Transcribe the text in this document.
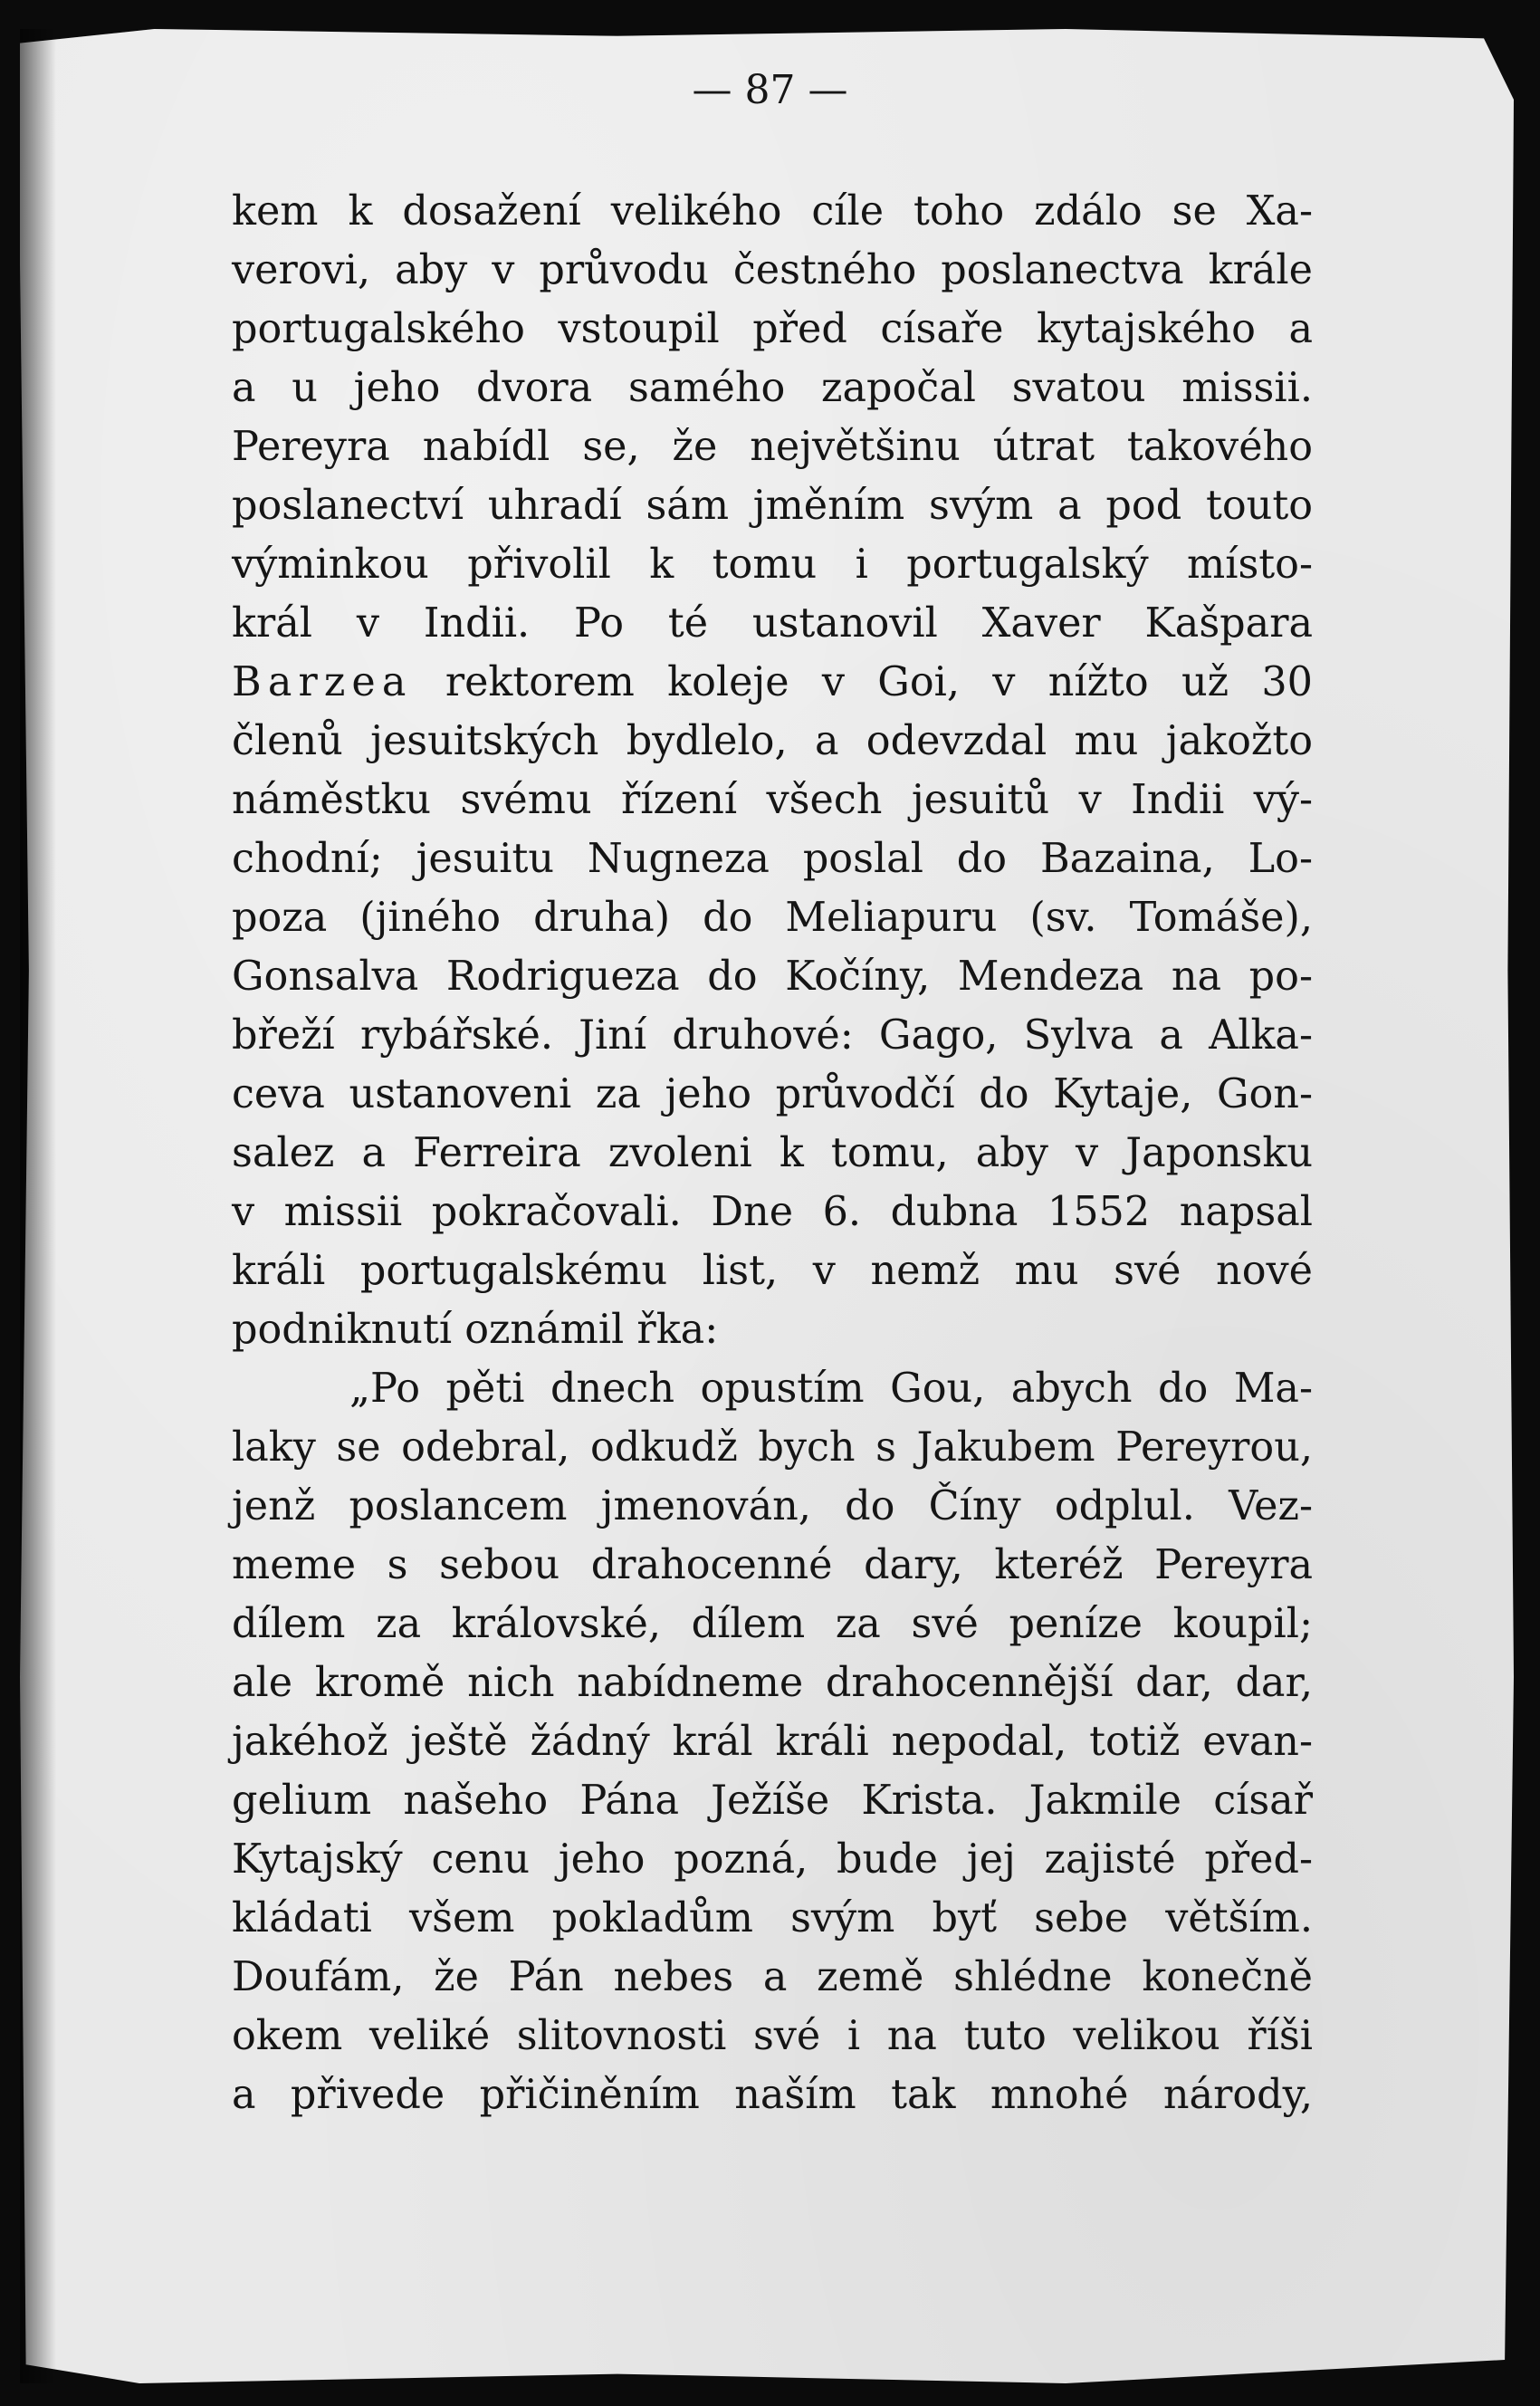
— 87 —
kem k dosažení velikého cíle toho zdálo se Xa-
verovi, aby v průvodu čestného poslanectva krále
portugalského vstoupil před císaře kytajského a
a u jeho dvora samého započal svatou missii.
Pereyra nabídl se, že největšinu útrat takového
poslanectví uhradí sám jměním svým a pod touto
výminkou přivolil k tomu i portugalský místo-
král v Indii. Po té ustanovil Xaver Kašpara
Barzea rektorem koleje v Goi, v nížto už 30
členů jesuitských bydlelo, a odevzdal mu jakožto
náměstku svému řízení všech jesuitů v Indii vý-
chodní; jesuitu Nugneza poslal do Bazaina, Lo-
poza (jiného druha) do Meliapuru (sv. Tomáše),
Gonsalva Rodrigueza do Kočíny, Mendeza na po-
břeží rybářské. Jiní druhové: Gago, Sylva a Alka-
ceva ustanoveni za jeho průvodčí do Kytaje, Gon-
salez a Ferreira zvoleni k tomu, aby v Japonsku
v missii pokračovali. Dne 6. dubna 1552 napsal
králi portugalskému list, v nemž mu své nové
podniknutí oznámil řka:
„Po pěti dnech opustím Gou, abych do Ma-
laky se odebral, odkudž bych s Jakubem Pereyrou,
jenž poslancem jmenován, do Číny odplul. Vez-
meme s sebou drahocenné dary, kteréž Pereyra
dílem za královské, dílem za své peníze koupil;
ale kromě nich nabídneme drahocennější dar, dar,
jakéhož ještě žádný král králi nepodal, totiž evan-
gelium našeho Pána Ježíše Krista. Jakmile císař
Kytajský cenu jeho pozná, bude jej zajisté před-
kládati všem pokladům svým byť sebe větším.
Doufám, že Pán nebes a země shlédne konečně
okem veliké slitovnosti své i na tuto velikou říši
a přivede přičiněním naším tak mnohé národy,
